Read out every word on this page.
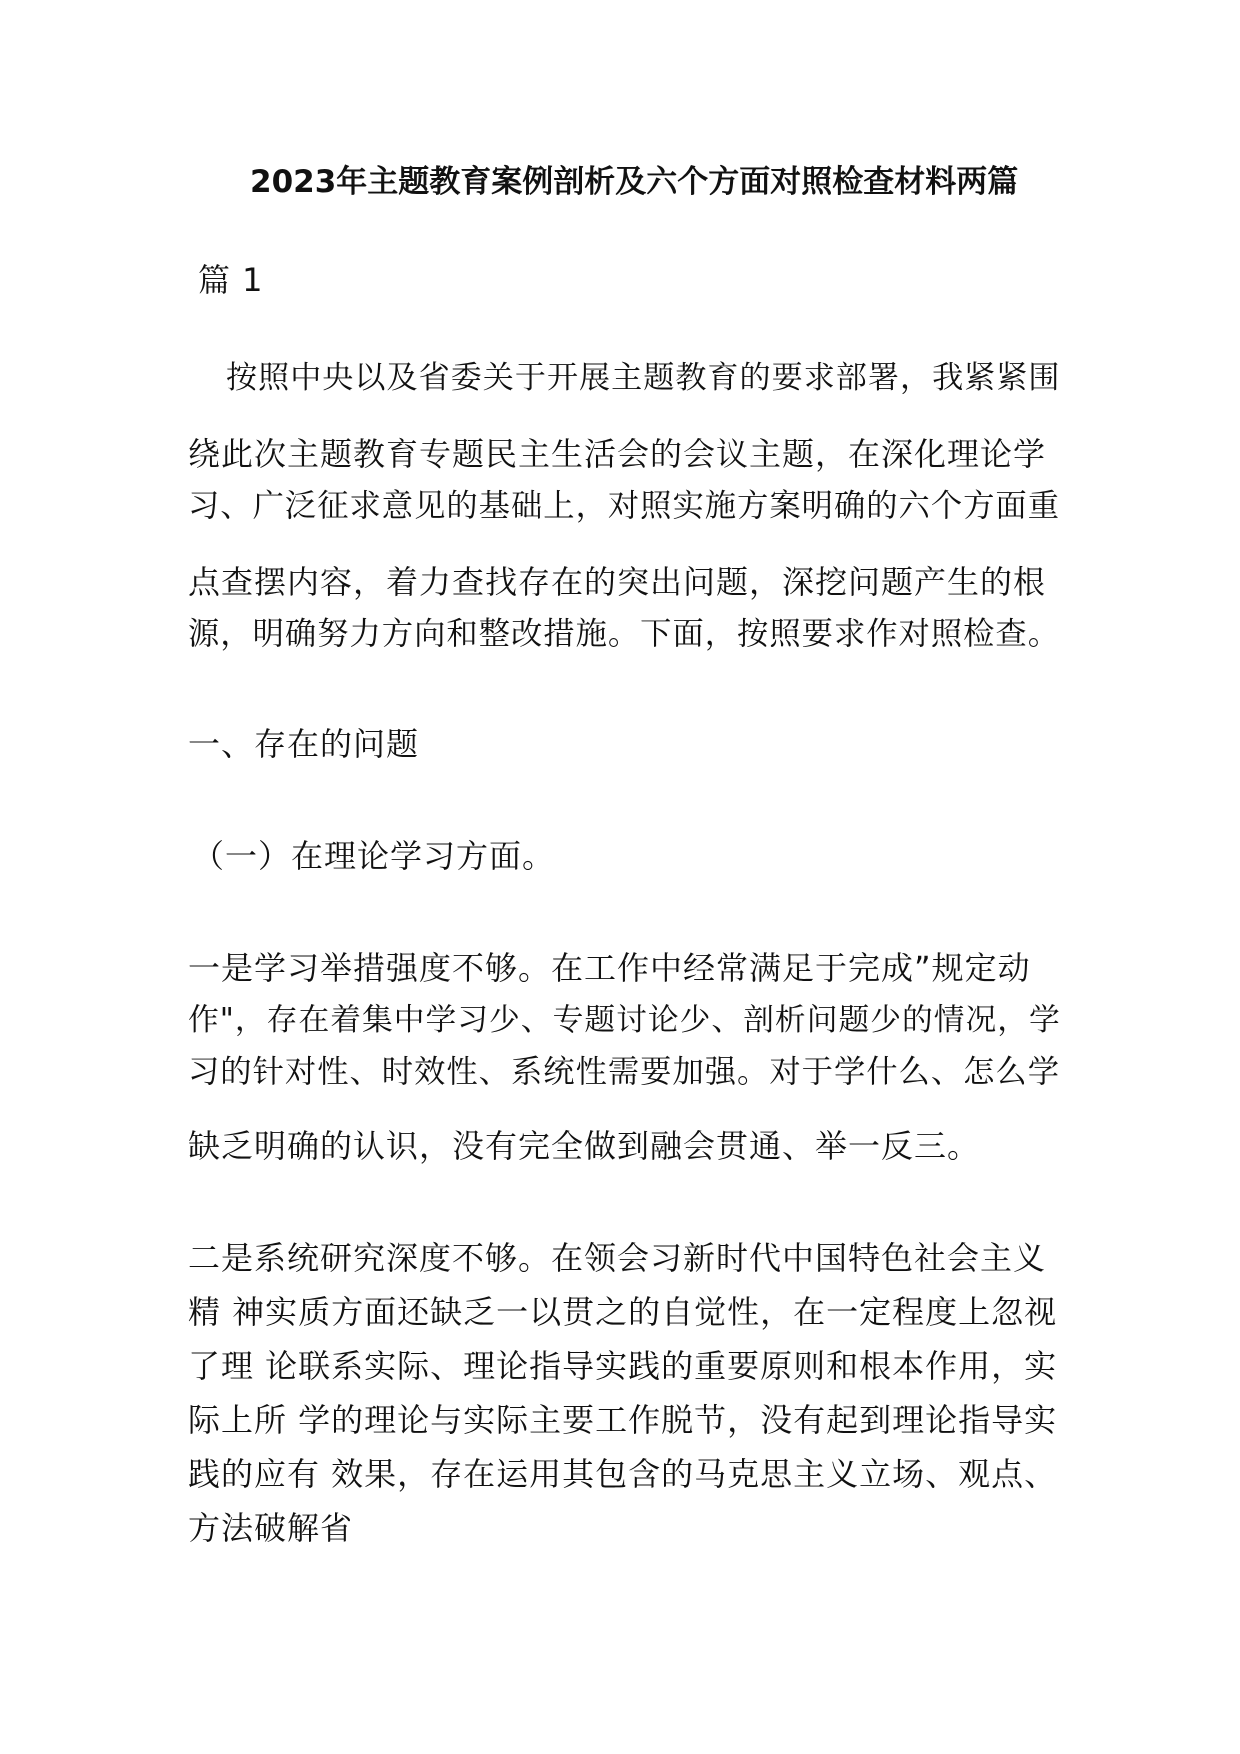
2023年主题教育案例剖析及六个方面对照检查材料两篇
篇 1
按照中央以及省委关于开展主题教育的要求部署，我紧紧围
绕此次主题教育专题民主生活会的会议主题，在深化理论学
习、广泛征求意见的基础上，对照实施方案明确的六个方面重
点查摆内容，着力查找存在的突出问题，深挖问题产生的根
源，明确努力方向和整改措施。下面，按照要求作对照检查。
一、存在的问题
（一）在理论学习方面。
一是学习举措强度不够。在工作中经常满足于完成”规定动
作"，存在着集中学习少、专题讨论少、剖析问题少的情况，学
习的针对性、时效性、系统性需要加强。对于学什么、怎么学
缺乏明确的认识，没有完全做到融会贯通、举一反三。
二是系统研究深度不够。在领会习新时代中国特色社会主义
精 神实质方面还缺乏一以贯之的自觉性，在一定程度上忽视
了理 论联系实际、理论指导实践的重要原则和根本作用，实
际上所 学的理论与实际主要工作脱节，没有起到理论指导实
践的应有 效果，存在运用其包含的马克思主义立场、观点、
方法破解省
